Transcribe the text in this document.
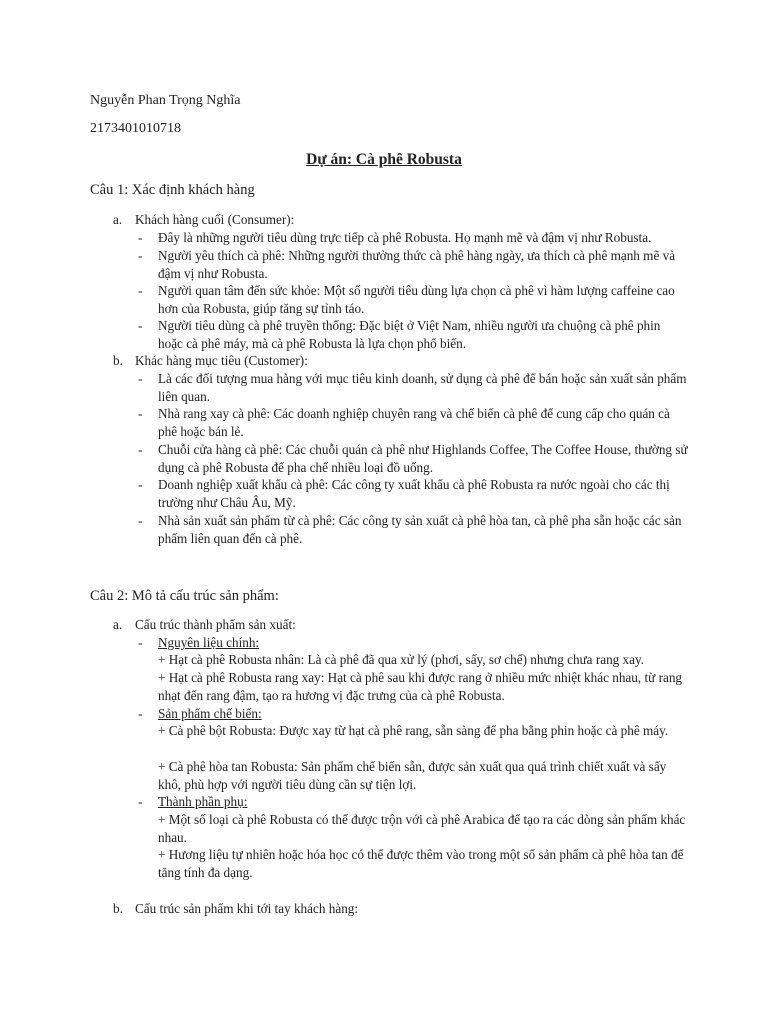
Nguyễn Phan Trọng Nghĩa
2173401010718
Dự án: Cà phê Robusta
Câu 1: Xác định khách hàng
a. Khách hàng cuối (Consumer):
- Đây là những người tiêu dùng trực tiếp cà phê Robusta. Họ mạnh mẽ và đậm vị như Robusta.
- Người yêu thích cà phê: Những người thưởng thức cà phê hàng ngày, ưa thích cà phê mạnh mẽ và đậm vị như Robusta.
- Người quan tâm đến sức khỏe: Một số người tiêu dùng lựa chọn cà phê vì hàm lượng caffeine cao hơn của Robusta, giúp tăng sự tỉnh táo.
- Người tiêu dùng cà phê truyền thống: Đặc biệt ở Việt Nam, nhiều người ưa chuộng cà phê phin hoặc cà phê máy, mà cà phê Robusta là lựa chọn phổ biến.
b. Khác hàng mục tiêu (Customer):
- Là các đối tượng mua hàng với mục tiêu kinh doanh, sử dụng cà phê để bán hoặc sản xuất sản phẩm liên quan.
- Nhà rang xay cà phê: Các doanh nghiệp chuyên rang và chế biến cà phê để cung cấp cho quán cà phê hoặc bán lẻ.
- Chuỗi cửa hàng cà phê: Các chuỗi quán cà phê như Highlands Coffee, The Coffee House, thường sử dụng cà phê Robusta để pha chế nhiều loại đồ uống.
- Doanh nghiệp xuất khẩu cà phê: Các công ty xuất khẩu cà phê Robusta ra nước ngoài cho các thị trường như Châu Âu, Mỹ.
- Nhà sản xuất sản phẩm từ cà phê: Các công ty sản xuất cà phê hòa tan, cà phê pha sẵn hoặc các sản phẩm liên quan đến cà phê.
Câu 2: Mô tả cấu trúc sản phẩm:
a. Cấu trúc thành phẩm sản xuất:
- Nguyên liệu chính:
+ Hạt cà phê Robusta nhân: Là cà phê đã qua xử lý (phơi, sấy, sơ chế) nhưng chưa rang xay.
+ Hạt cà phê Robusta rang xay: Hạt cà phê sau khi được rang ở nhiều mức nhiệt khác nhau, từ rang nhạt đến rang đậm, tạo ra hương vị đặc trưng của cà phê Robusta.
- Sản phẩm chế biến:
+ Cà phê bột Robusta: Được xay từ hạt cà phê rang, sẵn sàng để pha bằng phin hoặc cà phê máy.
+ Cà phê hòa tan Robusta: Sản phẩm chế biến sẵn, được sản xuất qua quá trình chiết xuất và sấy khô, phù hợp với người tiêu dùng cần sự tiện lợi.
- Thành phần phụ:
+ Một số loại cà phê Robusta có thể được trộn với cà phê Arabica để tạo ra các dòng sản phẩm khác nhau.
+ Hương liệu tự nhiên hoặc hóa học có thể được thêm vào trong một số sản phẩm cà phê hòa tan để tăng tính đa dạng.
b. Cấu trúc sản phẩm khi tới tay khách hàng:
